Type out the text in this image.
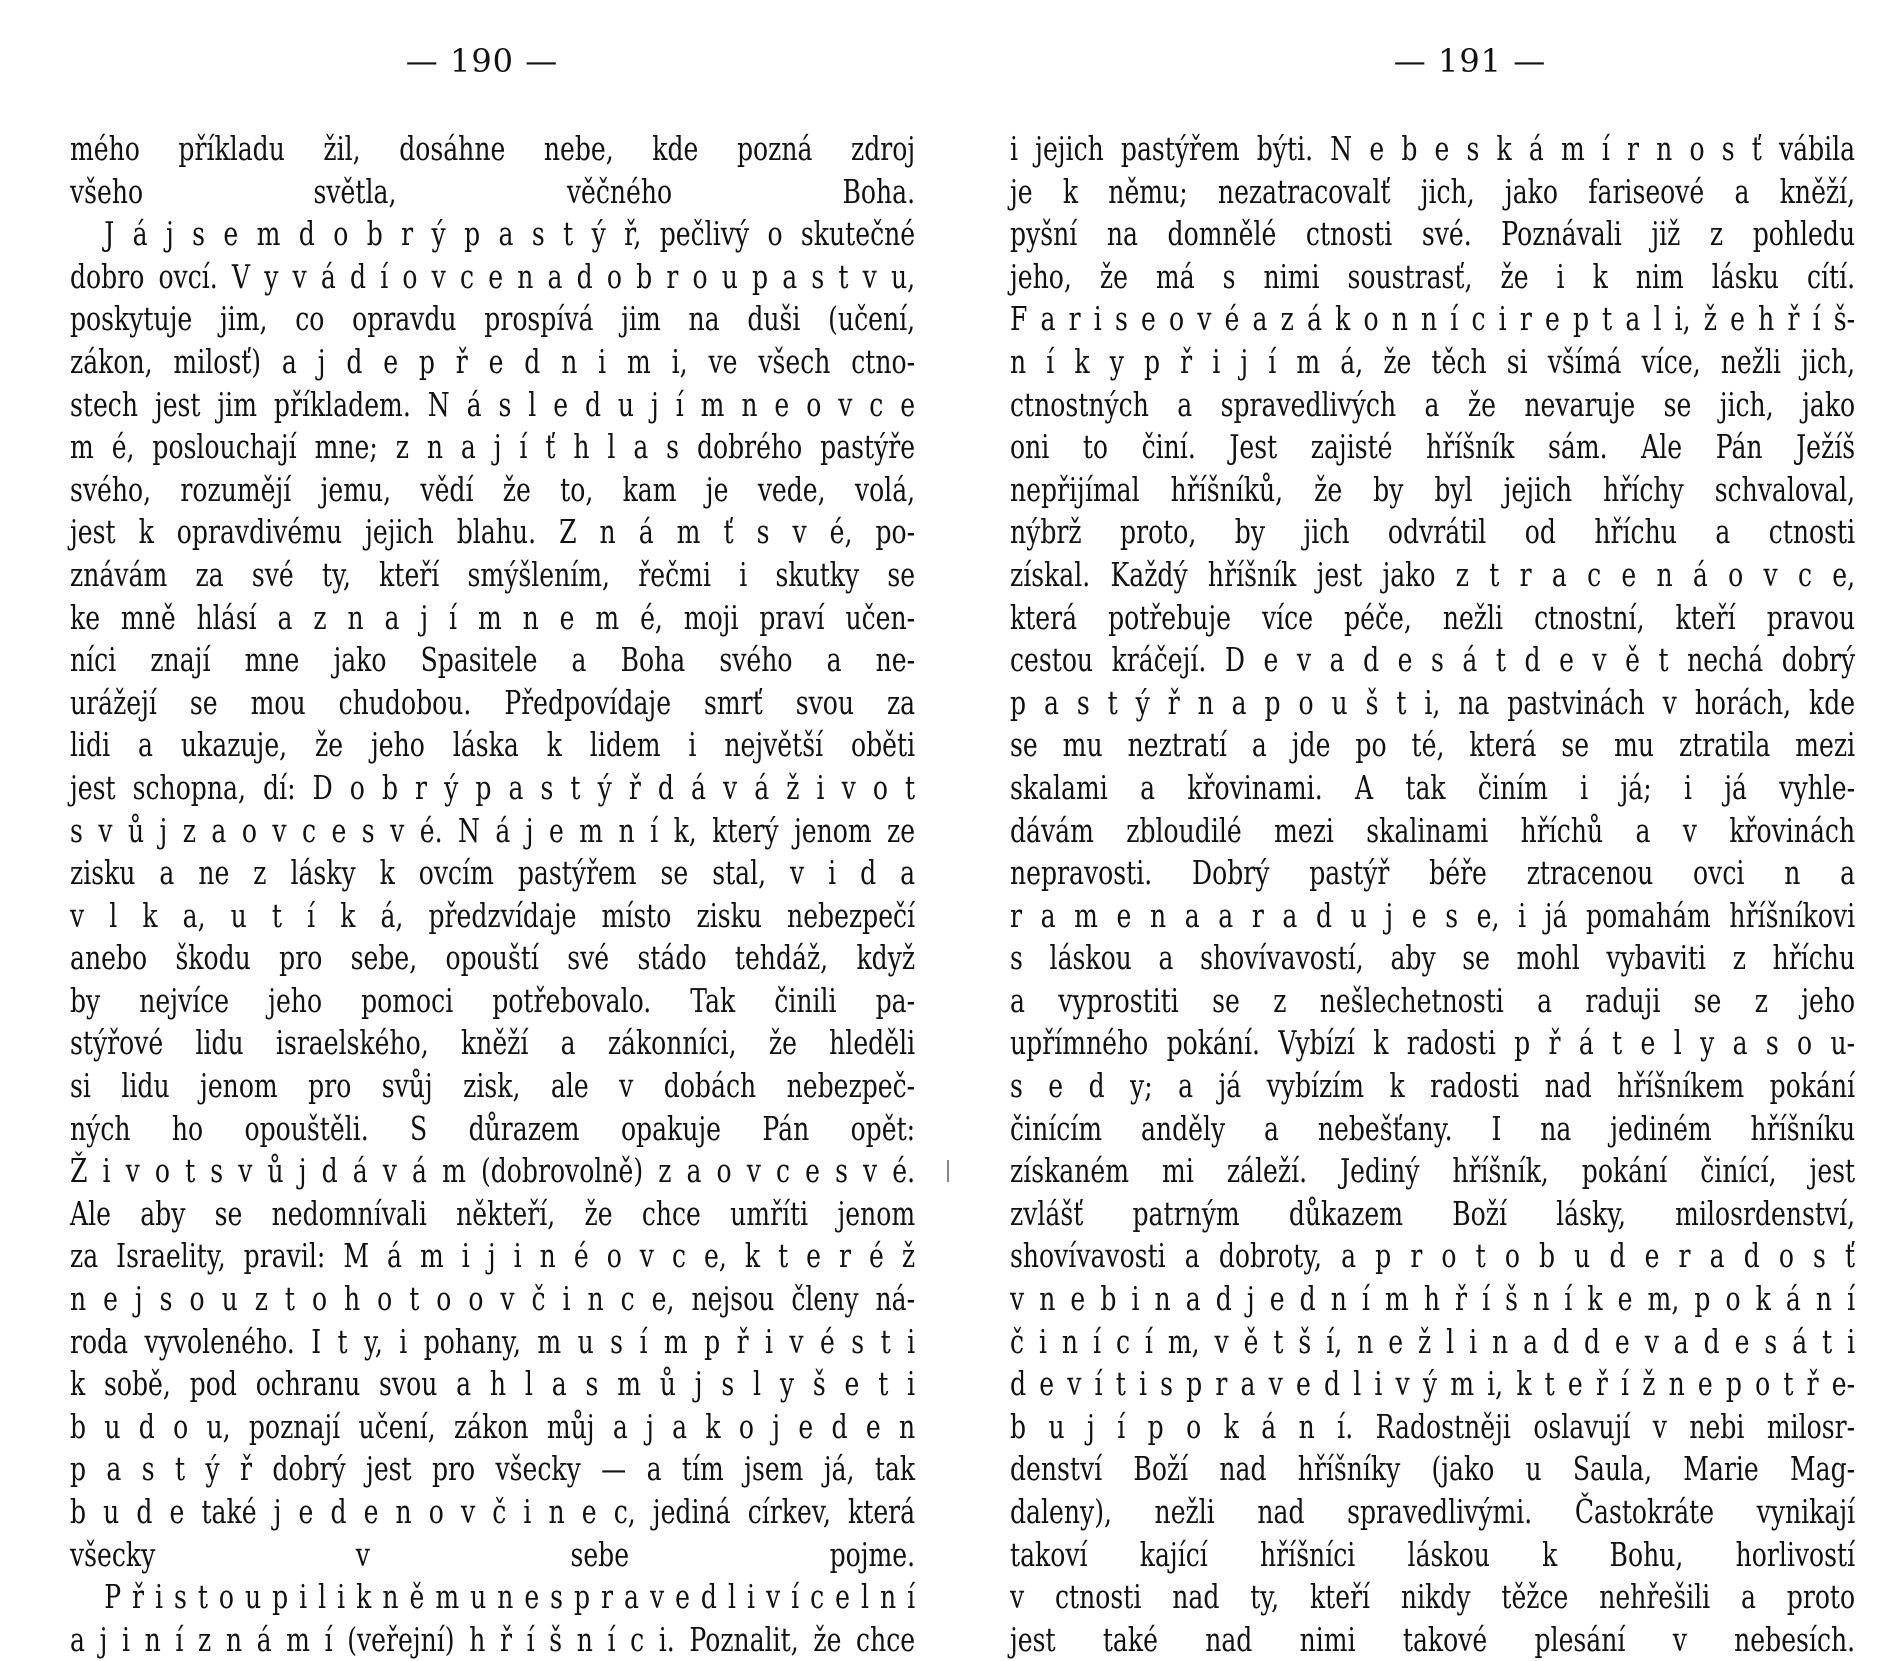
— 190 —
mého příkladu žil, dosáhne nebe, kde pozná zdroj
všeho světla, věčného Boha.
J á j s e m d o b r ý p a s t ý ř, pečlivý o skutečné
dobro ovcí. V y v á d í o v c e n a d o b r o u p a s t v u,
poskytuje jim, co opravdu prospívá jim na duši (učení,
zákon, milosť) a j d e p ř e d n i m i, ve všech ctno-
stech jest jim příkladem. N á s l e d u j í m n e o v c e
m é, poslouchají mne; z n a j í ť h l a s dobrého pastýře
svého, rozumějí jemu, vědí že to, kam je vede, volá,
jest k opravdivému jejich blahu. Z n á m ť s v é, po-
znávám za své ty, kteří smýšlením, řečmi i skutky se
ke mně hlásí a z n a j í m n e m é, moji praví učen-
níci znají mne jako Spasitele a Boha svého a ne-
urážejí se mou chudobou. Předpovídaje smrť svou za
lidi a ukazuje, že jeho láska k lidem i největší oběti
jest schopna, dí: D o b r ý p a s t ý ř d á v á ž i v o t
s v ů j z a o v c e s v é. N á j e m n í k, který jenom ze
zisku a ne z lásky k ovcím pastýřem se stal, v i d a
v l k a, u t í k á, předzvídaje místo zisku nebezpečí
anebo škodu pro sebe, opouští své stádo tehdáž, když
by nejvíce jeho pomoci potřebovalo. Tak činili pa-
stýřové lidu israelského, kněží a zákonníci, že hleděli
si lidu jenom pro svůj zisk, ale v dobách nebezpeč-
ných ho opouštěli. S důrazem opakuje Pán opět:
Ž i v o t s v ů j d á v á m (dobrovolně) z a o v c e s v é.
Ale aby se nedomnívali někteří, že chce umříti jenom
za Israelity, pravil: M á m i j i n é o v c e, k t e r é ž
n e j s o u z t o h o t o o v č i n c e, nejsou členy ná-
roda vyvoleného. I t y, i pohany, m u s í m p ř i v é s t i
k sobě, pod ochranu svou a h l a s m ů j s l y š e t i
b u d o u, poznají učení, zákon můj a j a k o j e d e n
p a s t ý ř dobrý jest pro všecky — a tím jsem já, tak
b u d e také j e d e n o v č i n e c, jediná církev, která
všecky v sebe pojme.
P ř i s t o u p i l i k n ě m u n e s p r a v e d l i v í c e l n í
a j i n í z n á m í (veřejní) h ř í š n í c i. Poznalit, že chce
— 191 —
i jejich pastýřem býti. N e b e s k á m í r n o s ť vábila
je k němu; nezatracovalť jich, jako fariseové a kněží,
pyšní na domnělé ctnosti své. Poznávali již z pohledu
jeho, že má s nimi soustrasť, že i k nim lásku cítí.
F a r i s e o v é a z á k o n n í c i r e p t a l i, ž e h ř í š-
n í k y p ř i j í m á, že těch si všímá více, nežli jich,
ctnostných a spravedlivých a že nevaruje se jich, jako
oni to činí. Jest zajisté hříšník sám. Ale Pán Ježíš
nepřijímal hříšníků, že by byl jejich hříchy schvaloval,
nýbrž proto, by jich odvrátil od hříchu a ctnosti
získal. Každý hříšník jest jako z t r a c e n á o v c e,
která potřebuje více péče, nežli ctnostní, kteří pravou
cestou kráčejí. D e v a d e s á t d e v ě t nechá dobrý
p a s t ý ř n a p o u š t i, na pastvinách v horách, kde
se mu neztratí a jde po té, která se mu ztratila mezi
skalami a křovinami. A tak činím i já; i já vyhle-
dávám zbloudilé mezi skalinami hříchů a v křovinách
nepravosti. Dobrý pastýř béře ztracenou ovci n a
r a m e n a a r a d u j e s e, i já pomahám hříšníkovi
s láskou a shovívavostí, aby se mohl vybaviti z hříchu
a vyprostiti se z nešlechetnosti a raduji se z jeho
upřímného pokání. Vybízí k radosti p ř á t e l y a s o u-
s e d y; a já vybízím k radosti nad hříšníkem pokání
činícím anděly a nebešťany. I na jediném hříšníku
získaném mi záleží. Jediný hříšník, pokání činící, jest
zvlášť patrným důkazem Boží lásky, milosrdenství,
shovívavosti a dobroty, a p r o t o b u d e r a d o s ť
v n e b i n a d j e d n í m h ř í š n í k e m, p o k á n í
č i n í c í m, v ě t š í, n e ž l i n a d d e v a d e s á t i
d e v í t i s p r a v e d l i v ý m i, k t e ř í ž n e p o t ř e-
b u j í p o k á n í. Radostněji oslavují v nebi milosr-
denství Boží nad hříšníky (jako u Saula, Marie Mag-
daleny), nežli nad spravedlivými. Častokráte vynikají
takoví kající hříšníci láskou k Bohu, horlivostí
v ctnosti nad ty, kteří nikdy těžce nehřešili a proto
jest také nad nimi takové plesání v nebesích.
